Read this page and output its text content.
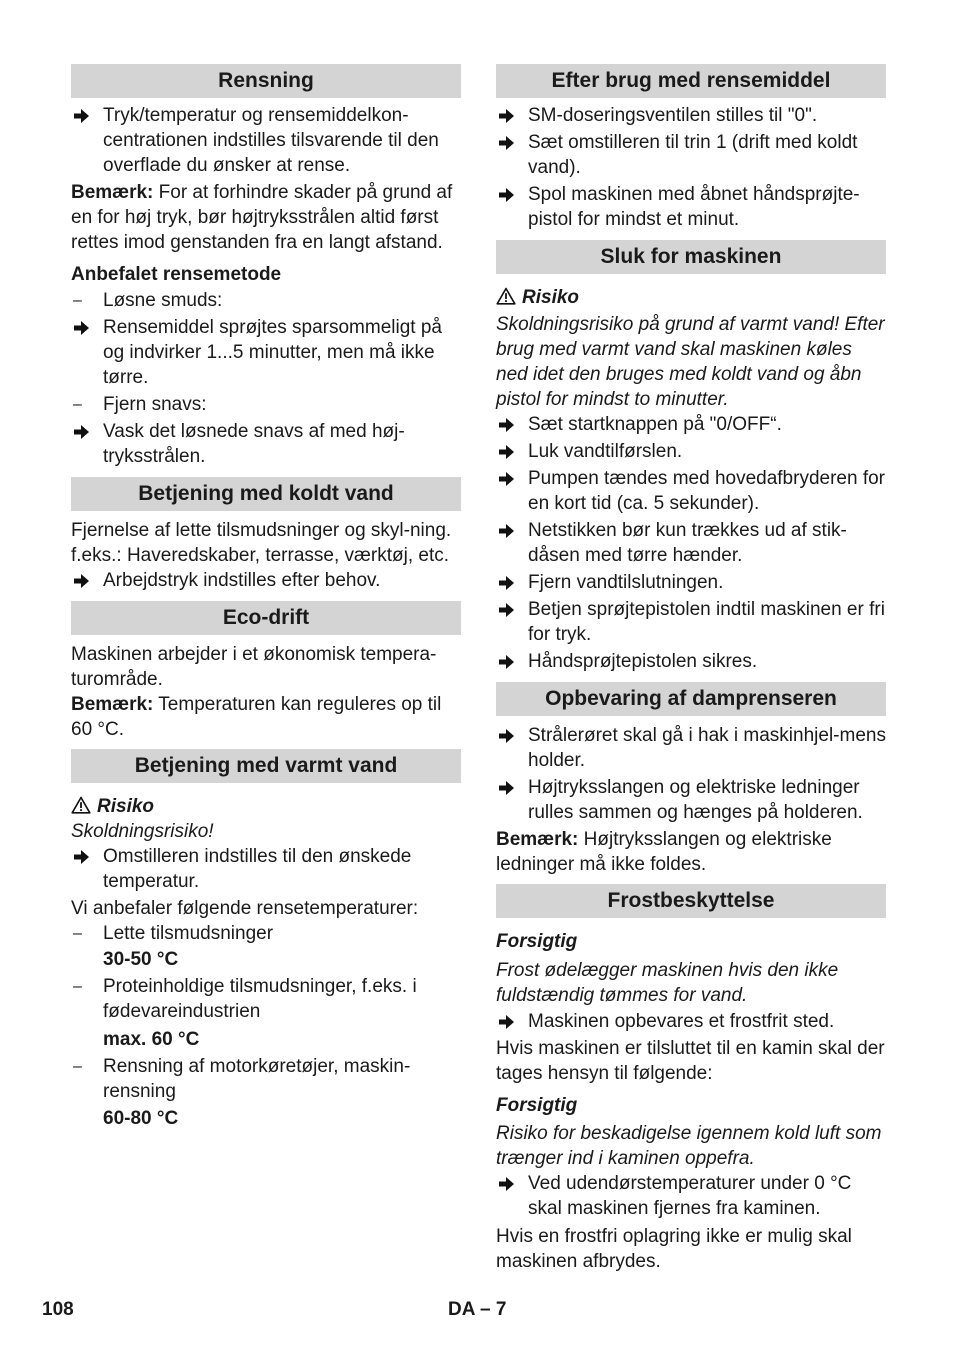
Rensning
Tryk/temperatur og rensemiddelkon-centrationen indstilles tilsvarende til den overflade du ønsker at rense.

Bemærk: For at forhindre skader på grund af en for høj tryk, bør højtryksstrålen altid først rettes imod genstanden fra en langt afstand.

Anbefalet rensemetode
–	Løsne smuds:
Rensemiddel sprøjtes sparsommeligt på og indvirker 1...5 minutter, men må ikke tørre.
–	Fjern snavs:
Vask det løsnede snavs af med høj-tryksstrålen.
Betjening med koldt vand

Fjernelse af lette tilsmudsninger og skyl-ning. f.eks.: Haveredskaber, terrasse, værktøj, etc.

Arbejdstryk indstilles efter behov.
Eco-drift

Maskinen arbejder i et økonomisk tempera-turområde.

Bemærk: Temperaturen kan reguleres op til 60 °C.

Betjening med varmt vand
Risiko

Skoldningsrisiko!

Omstilleren indstilles til den ønskede temperatur.

Vi anbefaler følgende rensetemperaturer:

–	Lette tilsmudsninger
30-50 °C
–	Proteinholdige tilsmudsninger, f.eks. i fødevareindustrien
max. 60 °C
–	Rensning af motorkøretøjer, maskin-rensning
60-80 °C
Efter brug med rensemiddel
SM-doseringsventilen stilles til "0".
Sæt omstilleren til trin 1 (drift med koldt vand).
Spol maskinen med åbnet håndsprøjte-pistol for mindst et minut.
Sluk for maskinen
Risiko

Skoldningsrisiko på grund af varmt vand! Efter brug med varmt vand skal maskinen køles ned idet den bruges med koldt vand og åbn pistol for mindst to minutter.

Sæt startknappen på "0/OFF“.
Luk vandtilførslen.
Pumpen tændes med hovedafbryderen for en kort tid (ca. 5 sekunder).
Netstikken bør kun trækkes ud af stik-dåsen med tørre hænder.
Fjern vandtilslutningen.
Betjen sprøjtepistolen indtil maskinen er fri for tryk.
Håndsprøjtepistolen sikres.
Opbevaring af damprenseren
Strålerøret skal gå i hak i maskinhjel-mens holder.
Højtryksslangen og elektriske ledninger rulles sammen og hænges på holderen.

Bemærk: Højtryksslangen og elektriske ledninger må ikke foldes.

Frostbeskyttelse
Forsigtig

Frost ødelægger maskinen hvis den ikke fuldstændig tømmes for vand.

Maskinen opbevares et frostfrit sted.

Hvis maskinen er tilsluttet til en kamin skal der tages hensyn til følgende:

Forsigtig

Risiko for beskadigelse igennem kold luft som trænger ind i kaminen oppefra.

Ved udendørstemperaturer under 0 °C skal maskinen fjernes fra kaminen.

Hvis en frostfri oplagring ikke er mulig skal maskinen afbrydes.

108	DA – 7
